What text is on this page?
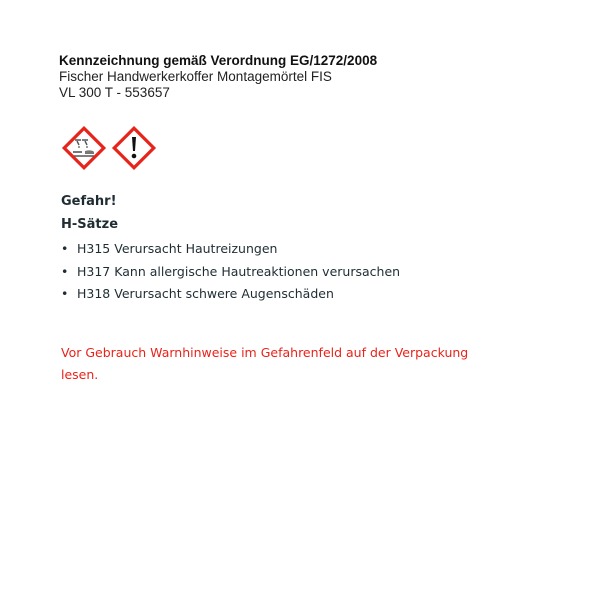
Kennzeichnung gemäß Verordnung EG/1272/2008
Fischer Handwerkerkoffer Montagemörtel FIS
VL 300 T - 553657
Gefahr!
H-Sätze
• H315 Verursacht Hautreizungen
• H317 Kann allergische Hautreaktionen verursachen
• H318 Verursacht schwere Augenschäden
Vor Gebrauch Warnhinweise im Gefahrenfeld auf der Verpackung lesen.
